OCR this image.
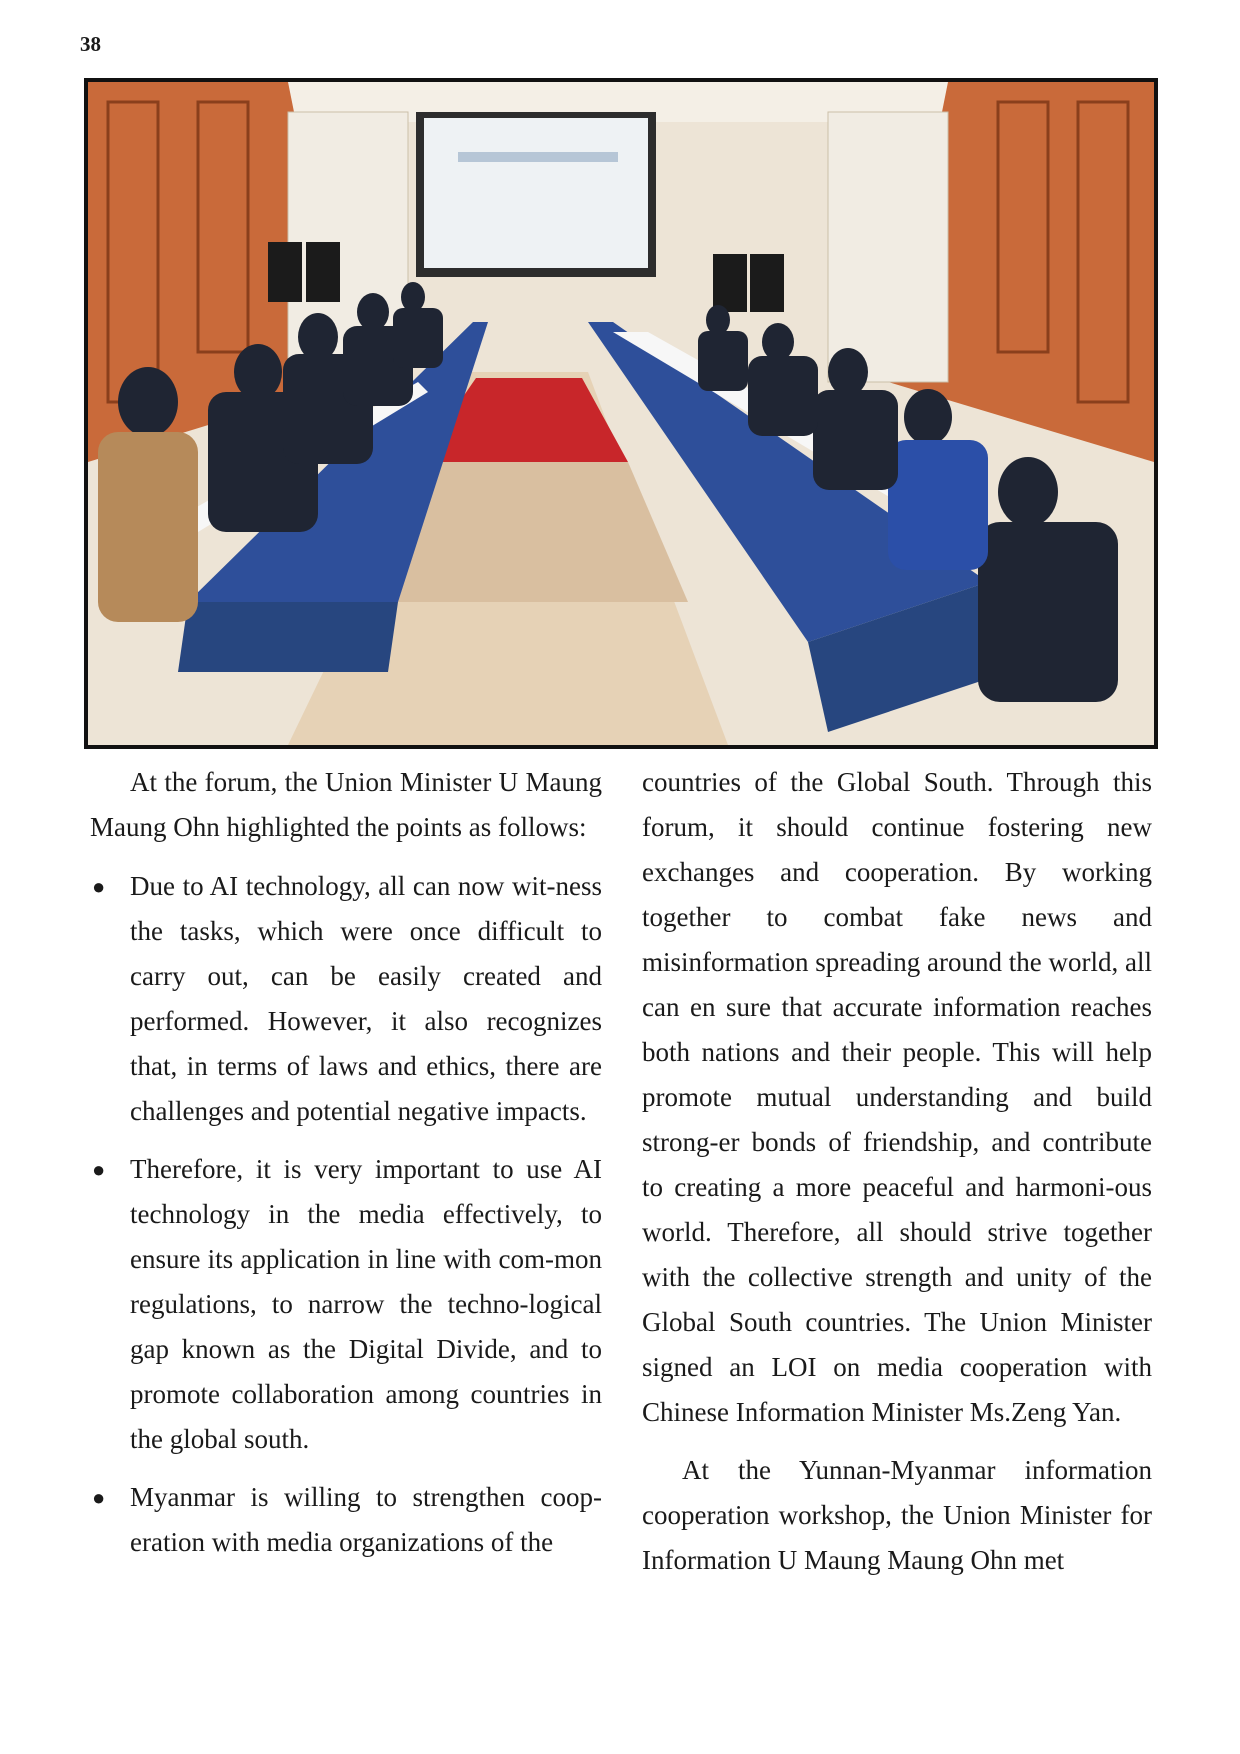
38

At the forum, the Union Minister U Maung Maung Ohn highlighted the points as follows:

● Due to AI technology, all can now wit-ness the tasks, which were once difficult to carry out, can be easily created and performed. However, it also recognizes that, in terms of laws and ethics, there are challenges and potential negative impacts.
● Therefore, it is very important to use AI technology in the media effectively, to ensure its application in line with com-mon regulations, to narrow the techno-logical gap known as the Digital Divide, and to promote collaboration among countries in the global south.
● Myanmar is willing to strengthen coop-eration with media organizations of the

countries of the Global South. Through this forum, it should continue fostering new exchanges and cooperation. By working together to combat fake news and misinformation spreading around the world, all can en sure that accurate information reaches both nations and their people. This will help promote mutual understanding and build strong-er bonds of friendship, and contribute to creating a more peaceful and harmoni-ous world. Therefore, all should strive together with the collective strength and unity of the Global South countries. The Union Minister signed an LOI on media cooperation with Chinese Information Minister Ms.Zeng Yan.

At the Yunnan-Myanmar information cooperation workshop, the Union Minister for Information U Maung Maung Ohn met
